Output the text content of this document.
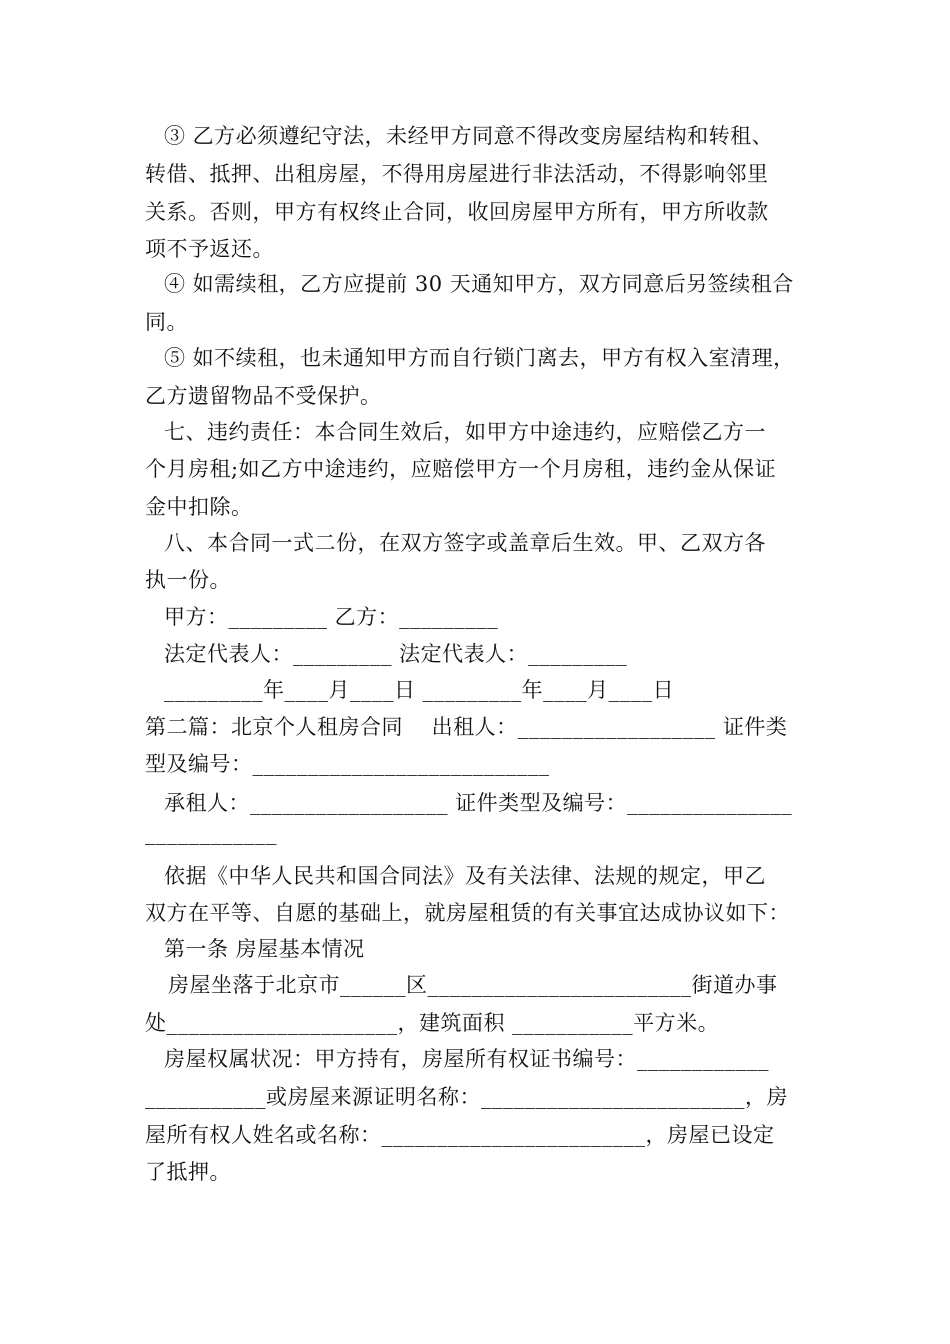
③ 乙方必须遵纪守法，未经甲方同意不得改变房屋结构和转租、
转借、抵押、出租房屋，不得用房屋进行非法活动，不得影响邻里
关系。否则，甲方有权终止合同，收回房屋甲方所有，甲方所收款
项不予返还。
④ 如需续租，乙方应提前 30 天通知甲方，双方同意后另签续租合
同。
⑤ 如不续租，也未通知甲方而自行锁门离去，甲方有权入室清理，
乙方遗留物品不受保护。
七、违约责任：本合同生效后，如甲方中途违约，应赔偿乙方一
个月房租;如乙方中途违约，应赔偿甲方一个月房租，违约金从保证
金中扣除。
八、本合同一式二份，在双方签字或盖章后生效。甲、乙双方各
执一份。
甲方：_________ 乙方：_________
法定代表人：_________ 法定代表人：_________
_________年____月____日 _________年____月____日
第二篇：北京个人租房合同　 出租人：__________________ 证件类
型及编号：___________________________
承租人：__________________ 证件类型及编号：_______________
____________
依据《中华人民共和国合同法》及有关法律、法规的规定，甲乙
双方在平等、自愿的基础上，就房屋租赁的有关事宜达成协议如下：
第一条 房屋基本情况
房屋坐落于北京市______区________________________街道办事
处_____________________，建筑面积 ___________平方米。
房屋权属状况：甲方持有，房屋所有权证书编号：____________
___________或房屋来源证明名称：________________________，房
屋所有权人姓名或名称：________________________，房屋已设定
了抵押。
